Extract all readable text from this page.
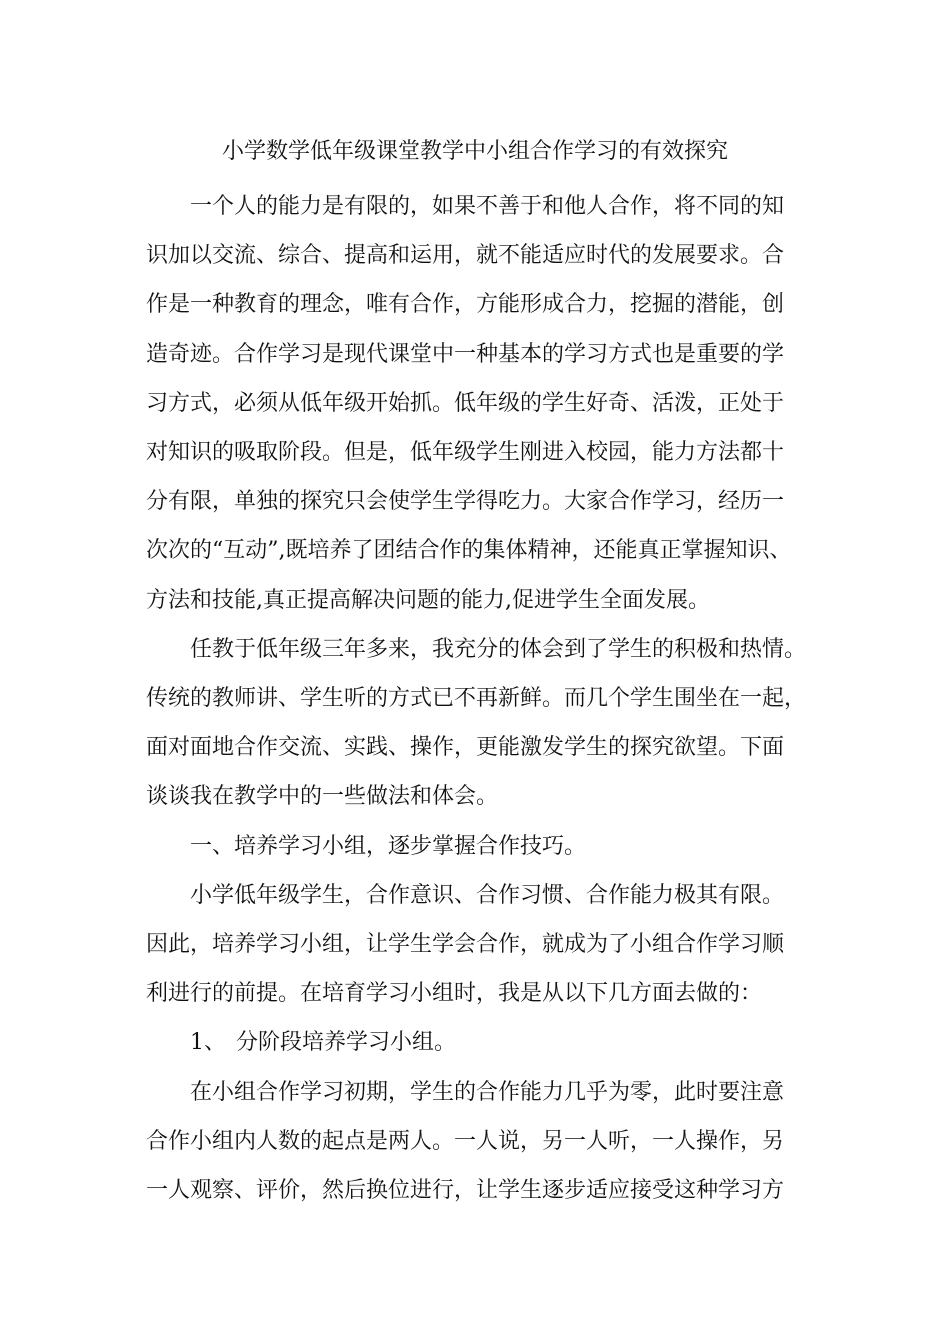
小学数学低年级课堂教学中小组合作学习的有效探究
一个人的能力是有限的，如果不善于和他人合作，将不同的知
识加以交流、综合、提高和运用，就不能适应时代的发展要求。合
作是一种教育的理念，唯有合作，方能形成合力，挖掘的潜能，创
造奇迹。合作学习是现代课堂中一种基本的学习方式也是重要的学
习方式，必须从低年级开始抓。低年级的学生好奇、活泼，正处于
对知识的吸取阶段。但是，低年级学生刚进入校园，能力方法都十
分有限，单独的探究只会使学生学得吃力。大家合作学习，经历一
次次的“互动”,既培养了团结合作的集体精神，还能真正掌握知识、
方法和技能,真正提高解决问题的能力,促进学生全面发展。
任教于低年级三年多来，我充分的体会到了学生的积极和热情。
传统的教师讲、学生听的方式已不再新鲜。而几个学生围坐在一起，
面对面地合作交流、实践、操作，更能激发学生的探究欲望。下面
谈谈我在教学中的一些做法和体会。
一、培养学习小组，逐步掌握合作技巧。
小学低年级学生，合作意识、合作习惯、合作能力极其有限。
因此，培养学习小组，让学生学会合作，就成为了小组合作学习顺
利进行的前提。在培育学习小组时，我是从以下几方面去做的：
1、 分阶段培养学习小组。
在小组合作学习初期，学生的合作能力几乎为零，此时要注意
合作小组内人数的起点是两人。一人说，另一人听，一人操作，另
一人观察、评价，然后换位进行，让学生逐步适应接受这种学习方
